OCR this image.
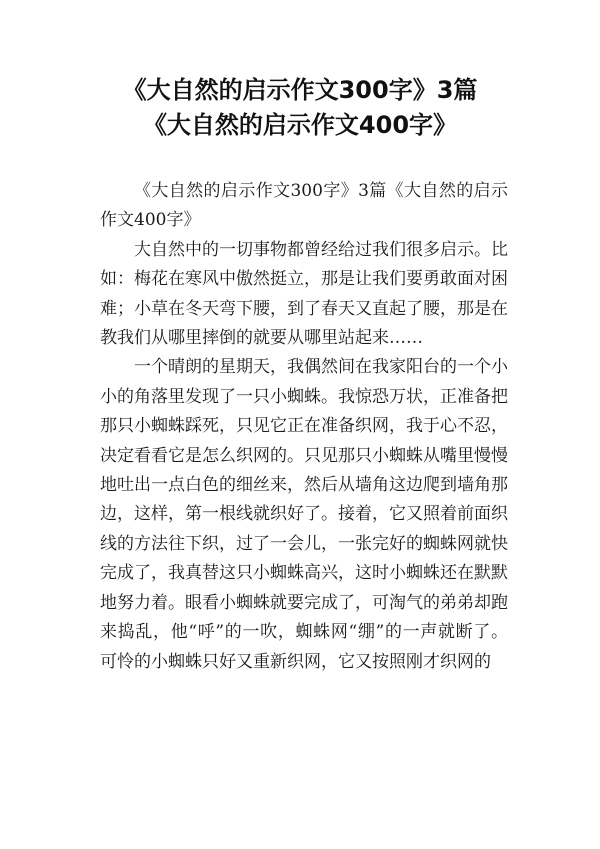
《大自然的启示作文300字》3篇
《大自然的启示作文400字》

《大自然的启示作文300字》3篇《大自然的启示作文400字》

大自然中的一切事物都曾经给过我们很多启示。比如：梅花在寒风中傲然挺立，那是让我们要勇敢面对困难；小草在冬天弯下腰，到了春天又直起了腰，那是在教我们从哪里摔倒的就要从哪里站起来……

一个晴朗的星期天，我偶然间在我家阳台的一个小小的角落里发现了一只小蜘蛛。我惊恐万状，正准备把那只小蜘蛛踩死，只见它正在准备织网，我于心不忍，决定看看它是怎么织网的。只见那只小蜘蛛从嘴里慢慢地吐出一点白色的细丝来，然后从墙角这边爬到墙角那边，这样，第一根线就织好了。接着，它又照着前面织线的方法往下织，过了一会儿，一张完好的蜘蛛网就快完成了，我真替这只小蜘蛛高兴，这时小蜘蛛还在默默地努力着。眼看小蜘蛛就要完成了，可淘气的弟弟却跑来捣乱，他“呼”的一吹，蜘蛛网“绷”的一声就断了。可怜的小蜘蛛只好又重新织网，它又按照刚才织网的
